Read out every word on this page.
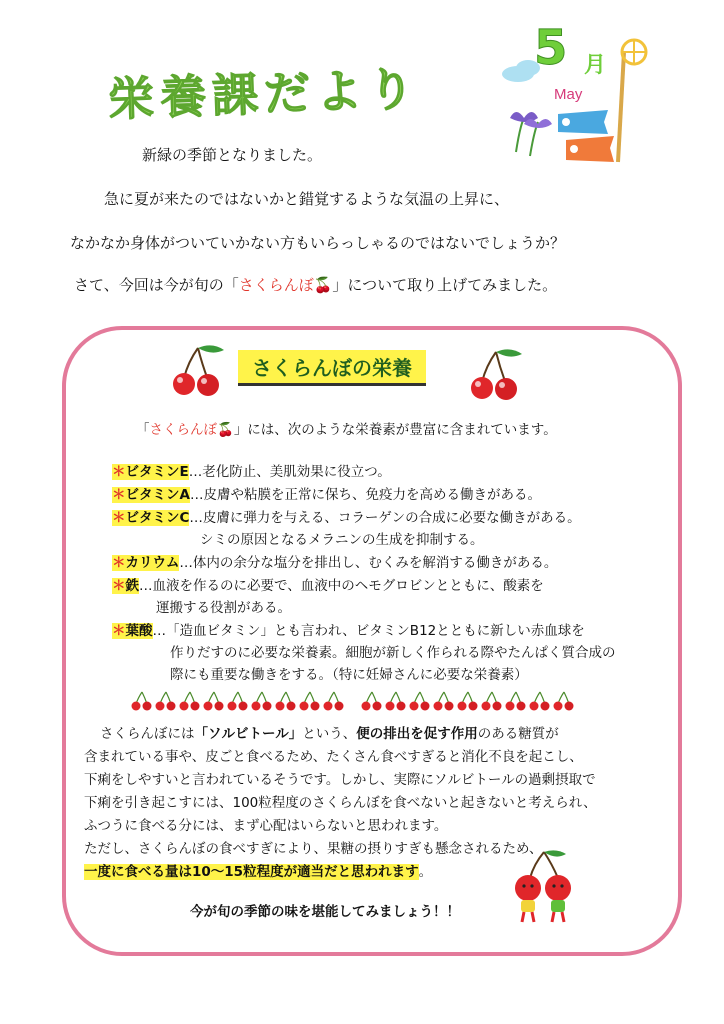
栄養課だより
5 月
May
新緑の季節となりました。
急に夏が来たのではないかと錯覚するような気温の上昇に、
なかなか身体がついていかない方もいらっしゃるのではないでしょうか？
さて、今回は今が旬の「さくらんぼ🍒」について取り上げてみました。
さくらんぼの栄養
「さくらんぼ🍒」には、次のような栄養素が豊富に含まれています。
＊ビタミンE…老化防止、美肌効果に役立つ。
＊ビタミンA…皮膚や粘膜を正常に保ち、免疫力を高める働きがある。
＊ビタミンC…皮膚に弾力を与える、コラーゲンの合成に必要な働きがある。
シミの原因となるメラニンの生成を抑制する。
＊カリウム…体内の余分な塩分を排出し、むくみを解消する働きがある。
＊鉄…血液を作るのに必要で、血液中のヘモグロビンとともに、酸素を
運搬する役割がある。
＊葉酸…「造血ビタミン」とも言われ、ビタミンB12とともに新しい赤血球を
作りだすのに必要な栄養素。細胞が新しく作られる際やたんぱく質合成の
際にも重要な働きをする。（特に妊婦さんに必要な栄養素）
さくらんぼには「ソルビトール」という、便の排出を促す作用のある糖質が
含まれている事や、皮ごと食べるため、たくさん食べすぎると消化不良を起こし、
下痢をしやすいと言われているそうです。しかし、実際にソルビトールの過剰摂取で
下痢を引き起こすには、100粒程度のさくらんぼを食べないと起きないと考えられ、
ふつうに食べる分には、まず心配はいらないと思われます。
ただし、さくらんぼの食べすぎにより、果糖の摂りすぎも懸念されるため、
一度に食べる量は10～15粒程度が適当だと思われます。
今が旬の季節の味を堪能してみましょう！！
